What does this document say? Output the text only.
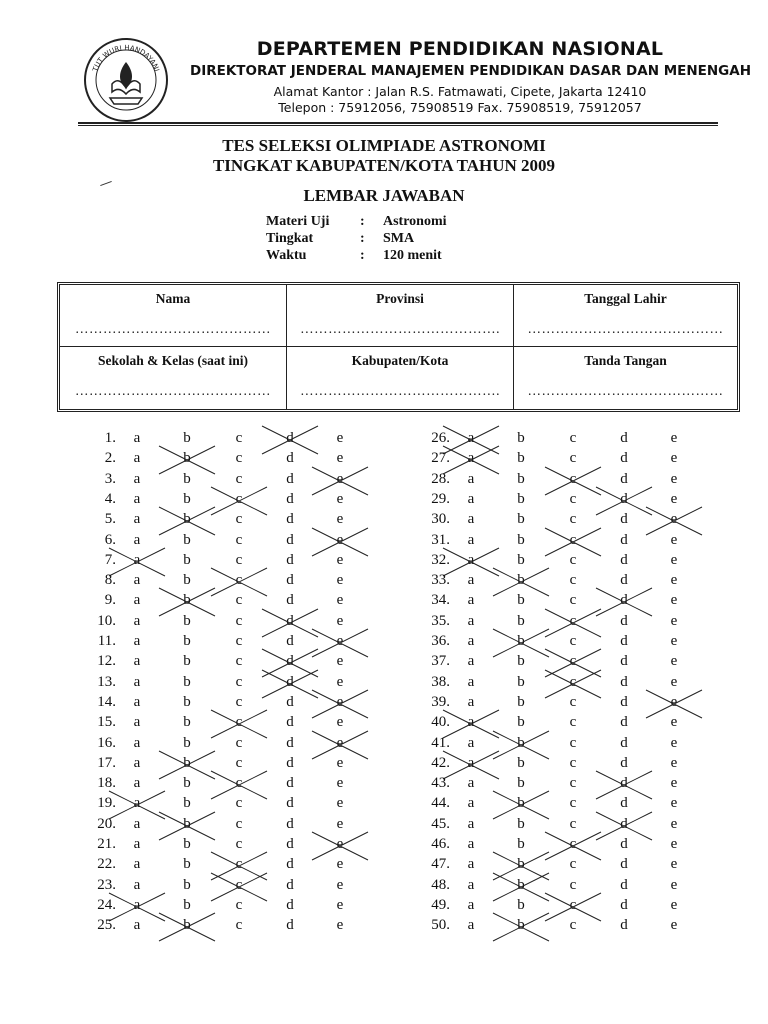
TUT WURI HANDAYANI
DEPARTEMEN PENDIDIKAN NASIONAL
DIREKTORAT JENDERAL MANAJEMEN PENDIDIKAN DASAR DAN MENENGAH
Alamat Kantor : Jalan R.S. Fatmawati, Cipete, Jakarta 12410
Telepon : 75912056, 75908519 Fax. 75908519, 75912057
TES SELEKSI OLIMPIADE ASTRONOMI
TINGKAT KABUPATEN/KOTA TAHUN 2009
LEMBAR JAWABAN
Materi Uji : Astronomi
Tingkat	: SMA
Waktu	: 120 menit
Nama
……………………………………
Provinsi
…………………………………….
Tanggal Lahir
……………………………………
Sekolah & Kelas (saat ini)
……………………………………
Kabupaten/Kota
…………………………………….
Tanda Tangan
……………………………………
1.	a	b	c	d	e
2.	a	b	c	d	e
3.	a	b	c	d	e
4.	a	b	c	d	e
5.	a	b	c	d	e
6.	a	b	c	d	e
7.	a	b	c	d	e
8.	a	b	c	d	e
9.	a	b	c	d	e
10.	a	b	c	d	e
11.	a	b	c	d	e
12.	a	b	c	d	e
13.	a	b	c	d	e
14.	a	b	c	d	e
15.	a	b	c	d	e
16.	a	b	c	d	e
17.	a	b	c	d	e
18.	a	b	c	d	e
19.	a	b	c	d	e
20.	a	b	c	d	e
21.	a	b	c	d	e
22.	a	b	c	d	e
23.	a	b	c	d	e
24.	a	b	c	d	e
25.	a	b	c	d	e
26.	a	b	c	d	e
27.	a	b	c	d	e
28.	a	b	c	d	e
29.	a	b	c	d	e
30.	a	b	c	d	e
31.	a	b	c	d	e
32.	a	b	c	d	e
33.	a	b	c	d	e
34.	a	b	c	d	e
35.	a	b	c	d	e
36.	a	b	c	d	e
37.	a	b	c	d	e
38.	a	b	c	d	e
39.	a	b	c	d	e
40.	a	b	c	d	e
41.	a	b	c	d	e
42.	a	b	c	d	e
43.	a	b	c	d	e
44.	a	b	c	d	e
45.	a	b	c	d	e
46.	a	b	c	d	e
47.	a	b	c	d	e
48.	a	b	c	d	e
49.	a	b	c	d	e
50.	a	b	c	d	e
